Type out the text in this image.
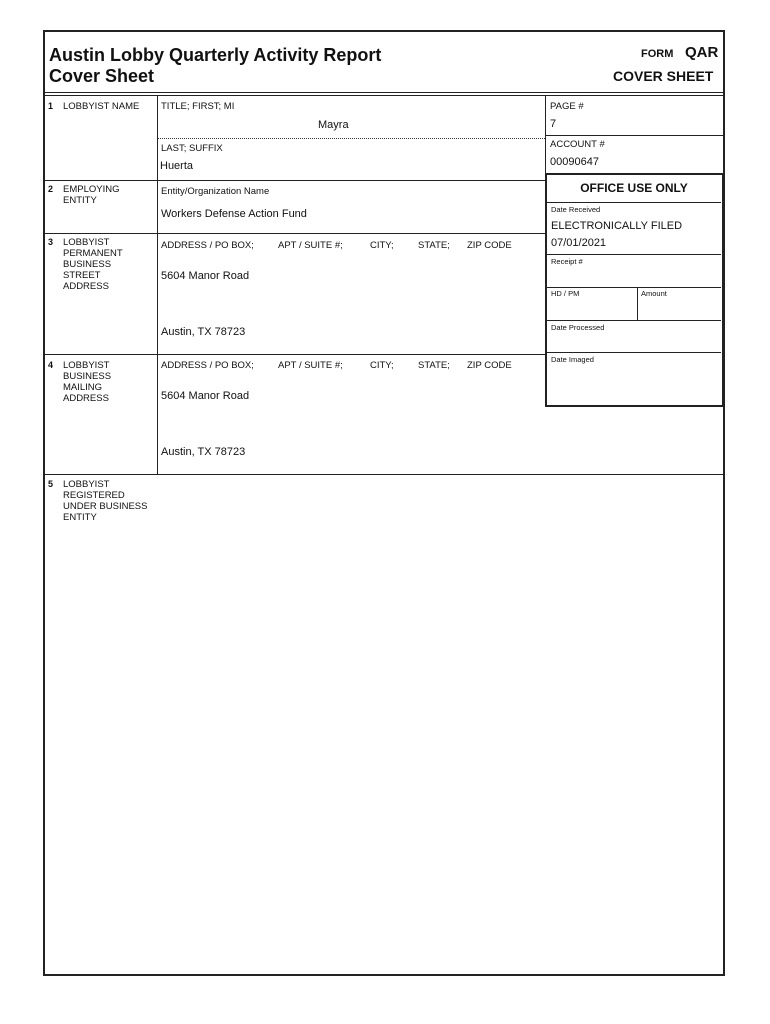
Austin Lobby Quarterly Activity Report
Cover Sheet
FORM QAR
COVER SHEET
1 LOBBYIST NAME TITLE; FIRST; MI
Mayra
LAST; SUFFIX
Huerta
PAGE #
7
ACCOUNT #
00090647
2 EMPLOYING ENTITY
Entity/Organization Name
Workers Defense Action Fund
3 LOBBYIST
PERMANENT
BUSINESS
STREET
ADDRESS
ADDRESS / PO BOX;	APT / SUITE #;	CITY;	STATE; ZIP CODE
5604 Manor Road
Austin, TX 78723
4 LOBBYIST
BUSINESS
MAILING
ADDRESS
ADDRESS / PO BOX;	APT / SUITE #;	CITY;	STATE; ZIP CODE
5604 Manor Road
Austin, TX 78723
5 LOBBYIST
REGISTERED
UNDER BUSINESS
ENTITY
OFFICE USE ONLY
Date Received
ELECTRONICALLY FILED
07/01/2021
Receipt #
HD / PM	Amount
Date Processed
Date Imaged
